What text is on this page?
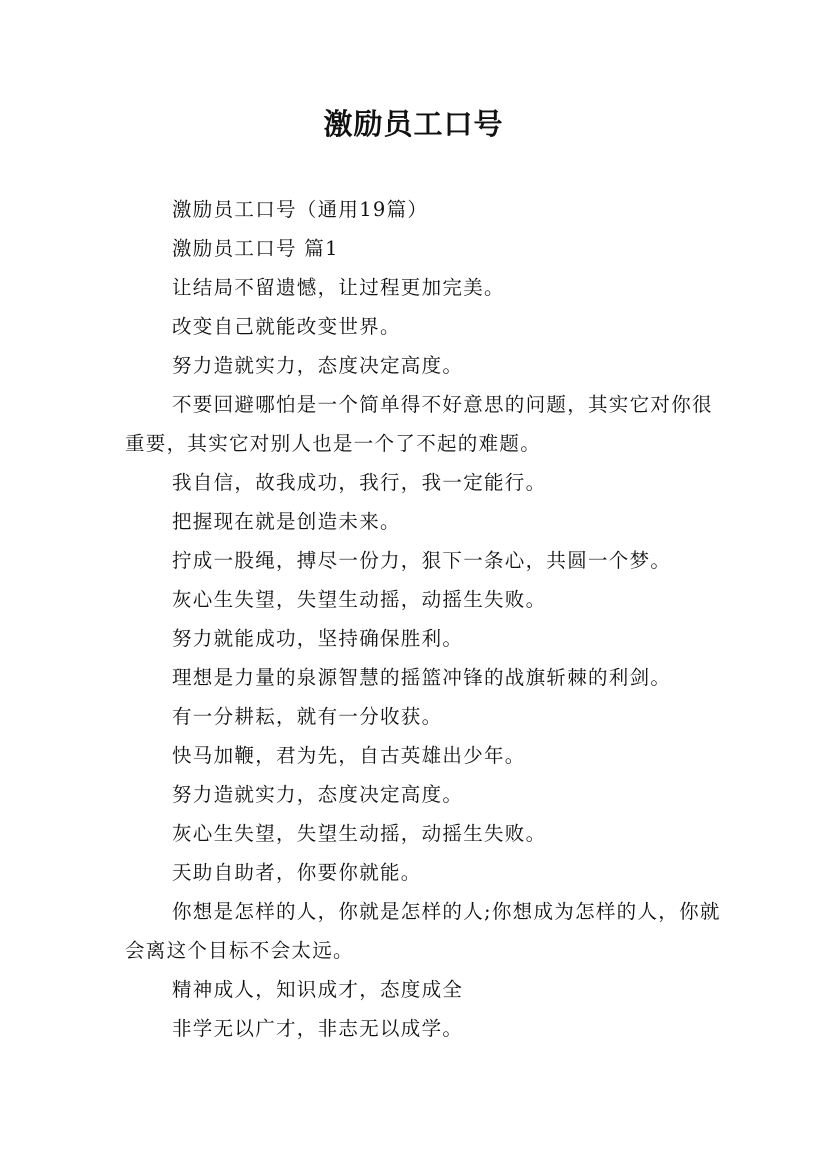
激励员工口号

激励员工口号（通用19篇）

激励员工口号 篇1

让结局不留遗憾，让过程更加完美。

改变自己就能改变世界。

努力造就实力，态度决定高度。

不要回避哪怕是一个简单得不好意思的问题，其实它对你很重要，其实它对别人也是一个了不起的难题。

我自信，故我成功，我行，我一定能行。

把握现在就是创造未来。

拧成一股绳，搏尽一份力，狠下一条心，共圆一个梦。

灰心生失望，失望生动摇，动摇生失败。

努力就能成功，坚持确保胜利。

理想是力量的泉源智慧的摇篮冲锋的战旗斩棘的利剑。

有一分耕耘，就有一分收获。

快马加鞭，君为先，自古英雄出少年。

努力造就实力，态度决定高度。

灰心生失望，失望生动摇，动摇生失败。

天助自助者，你要你就能。

你想是怎样的人，你就是怎样的人;你想成为怎样的人，你就会离这个目标不会太远。

精神成人，知识成才，态度成全

非学无以广才，非志无以成学。
